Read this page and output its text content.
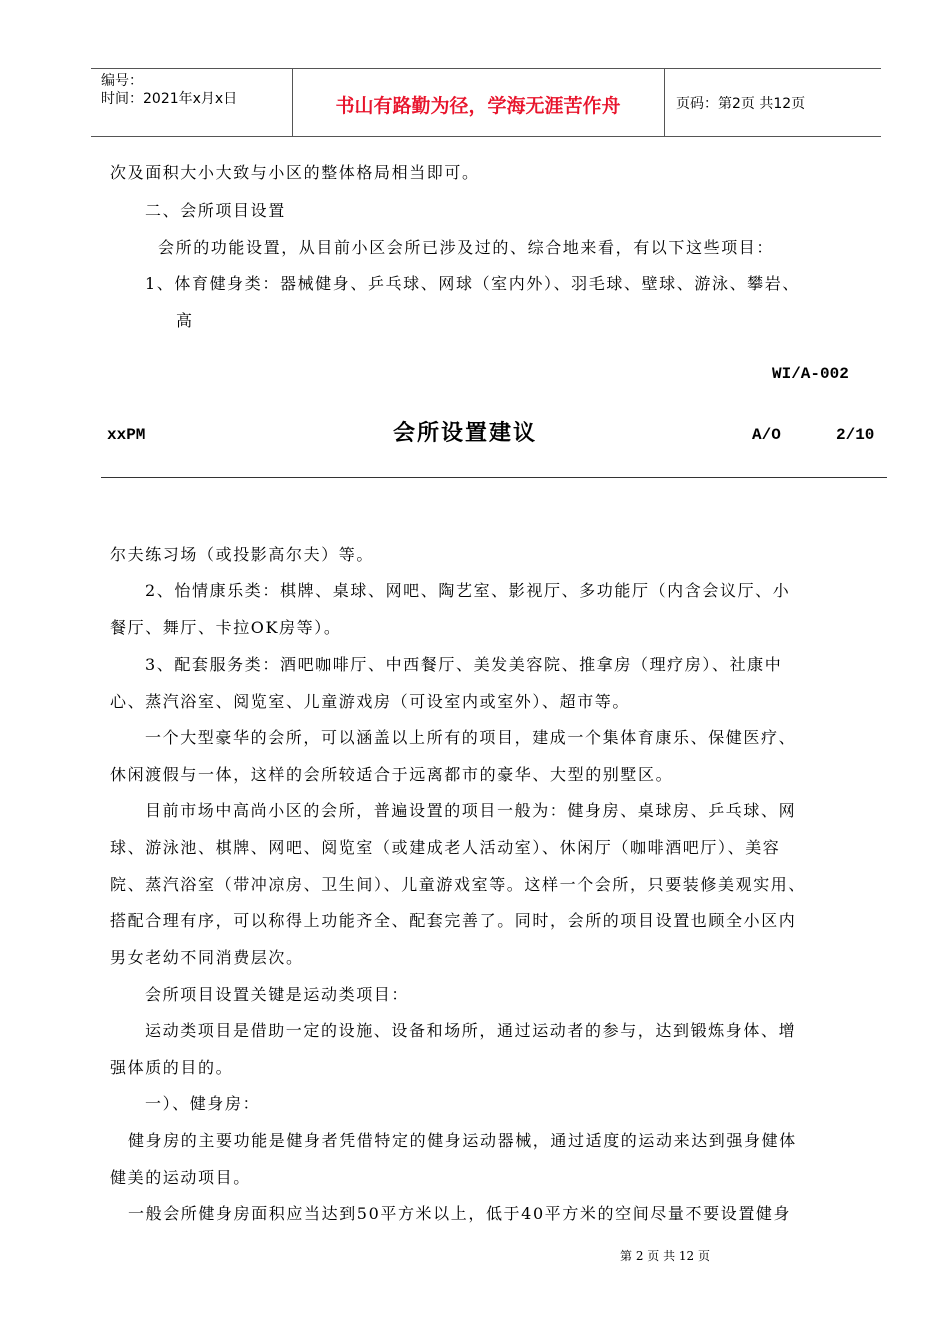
编号：
时间：2021年x月x日	书山有路勤为径，学海无涯苦作舟	页码：第2页 共12页
次及面积大小大致与小区的整体格局相当即可。
二、会所项目设置
会所的功能设置，从目前小区会所已涉及过的、综合地来看，有以下这些项目：
1、体育健身类：器械健身、乒乓球、网球（室内外）、羽毛球、壁球、游泳、攀岩、
高
WI/A-002
xxPM	会所设置建议	A/O	2/10
尔夫练习场（或投影高尔夫）等。
2、怡情康乐类：棋牌、桌球、网吧、陶艺室、影视厅、多功能厅（内含会议厅、小
餐厅、舞厅、卡拉OK房等）。
3、配套服务类：酒吧咖啡厅、中西餐厅、美发美容院、推拿房（理疗房）、社康中
心、蒸汽浴室、阅览室、儿童游戏房（可设室内或室外）、超市等。
一个大型豪华的会所，可以涵盖以上所有的项目，建成一个集体育康乐、保健医疗、
休闲渡假与一体，这样的会所较适合于远离都市的豪华、大型的别墅区。
目前市场中高尚小区的会所，普遍设置的项目一般为：健身房、桌球房、乒乓球、网
球、游泳池、棋牌、网吧、阅览室（或建成老人活动室）、休闲厅（咖啡酒吧厅）、美容
院、蒸汽浴室（带冲凉房、卫生间）、儿童游戏室等。这样一个会所，只要装修美观实用、
搭配合理有序，可以称得上功能齐全、配套完善了。同时，会所的项目设置也顾全小区内
男女老幼不同消费层次。
会所项目设置关键是运动类项目：
运动类项目是借助一定的设施、设备和场所，通过运动者的参与，达到锻炼身体、增
强体质的目的。
一）、健身房：
健身房的主要功能是健身者凭借特定的健身运动器械，通过适度的运动来达到强身健体
健美的运动项目。
一般会所健身房面积应当达到50平方米以上，低于40平方米的空间尽量不要设置健身
第 2 页 共 12 页
